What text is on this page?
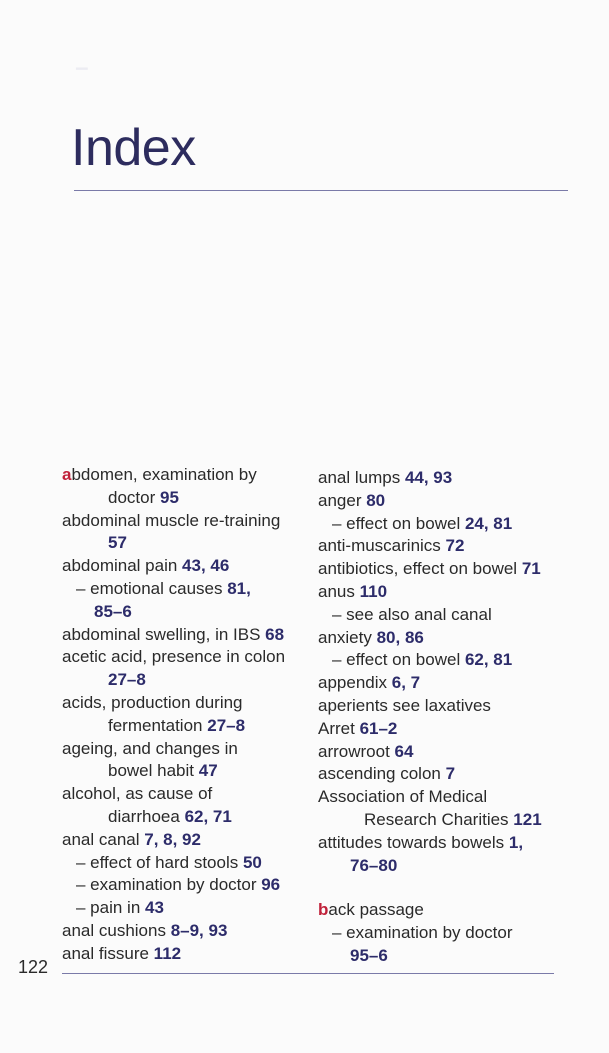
▁
Index
abdomen, examination by
doctor 95
abdominal muscle re-training
57
abdominal pain 43, 46
– emotional causes 81,
85–6
abdominal swelling, in IBS 68
acetic acid, presence in colon
27–8
acids, production during
fermentation 27–8
ageing, and changes in
bowel habit 47
alcohol, as cause of
diarrhoea 62, 71
anal canal 7, 8, 92
– effect of hard stools 50
– examination by doctor 96
– pain in 43
anal cushions 8–9, 93
anal fissure 112
anal lumps 44, 93
anger 80
– effect on bowel 24, 81
anti-muscarinics 72
antibiotics, effect on bowel 71
anus 110
– see also anal canal
anxiety 80, 86
– effect on bowel 62, 81
appendix 6, 7
aperients see laxatives
Arret 61–2
arrowroot 64
ascending colon 7
Association of Medical
Research Charities 121
attitudes towards bowels 1,
76–80
back passage
– examination by doctor
95–6
122
